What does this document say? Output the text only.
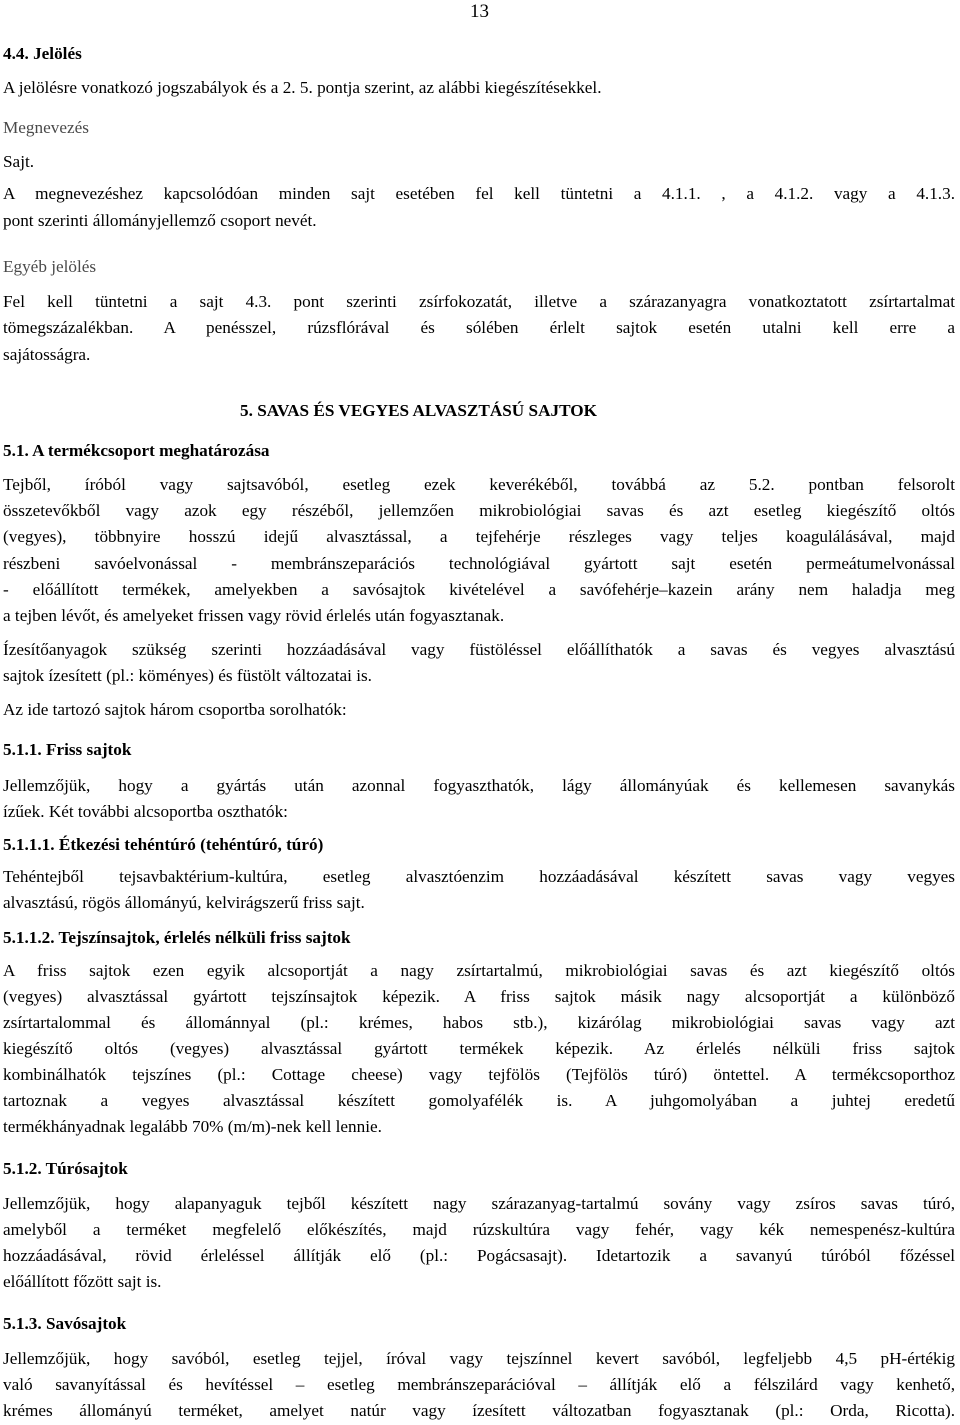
13
4.4. Jelölés
A jelölésre vonatkozó jogszabályok és a 2. 5. pontja szerint, az alábbi kiegészítésekkel.
Megnevezés
Sajt.
A megnevezéshez kapcsolódóan minden sajt esetében fel kell tüntetni a 4.1.1. , a 4.1.2. vagy a 4.1.3.
pont szerinti állományjellemző csoport nevét.
Egyéb jelölés
Fel kell tüntetni a sajt 4.3. pont szerinti zsírfokozatát, illetve a szárazanyagra vonatkoztatott zsírtartalmat
tömegszázalékban. A penésszel, rúzsflórával és sólében érlelt sajtok esetén utalni kell erre a
sajátosságra.
5. SAVAS ÉS VEGYES ALVASZTÁSÚ SAJTOK
5.1. A termékcsoport meghatározása
Tejből, íróból vagy sajtsavóból, esetleg ezek keverékéből, továbbá az 5.2. pontban felsorolt
összetevőkből vagy azok egy részéből, jellemzően mikrobiológiai savas és azt esetleg kiegészítő oltós
(vegyes), többnyire hosszú idejű alvasztással, a tejfehérje részleges vagy teljes koagulálásával, majd
részbeni savóelvonással - membránszeparációs technológiával gyártott sajt esetén permeátumelvonással
- előállított termékek, amelyekben a savósajtok kivételével a savófehérje–kazein arány nem haladja meg
a tejben lévőt, és amelyeket frissen vagy rövid érlelés után fogyasztanak.
Ízesítőanyagok szükség szerinti hozzáadásával vagy füstöléssel előállíthatók a savas és vegyes alvasztású
sajtok ízesített (pl.: köményes) és füstölt változatai is.
Az ide tartozó sajtok három csoportba sorolhatók:
5.1.1. Friss sajtok
Jellemzőjük, hogy a gyártás után azonnal fogyaszthatók, lágy állományúak és kellemesen savanykás
ízűek. Két további alcsoportba oszthatók:
5.1.1.1. Étkezési tehéntúró (tehéntúró, túró)
Tehéntejből tejsavbaktérium-kultúra, esetleg alvasztóenzim hozzáadásával készített savas vagy vegyes
alvasztású, rögös állományú, kelvirágszerű friss sajt.
5.1.1.2. Tejszínsajtok, érlelés nélküli friss sajtok
A friss sajtok ezen egyik alcsoportját a nagy zsírtartalmú, mikrobiológiai savas és azt kiegészítő oltós
(vegyes) alvasztással gyártott tejszínsajtok képezik. A friss sajtok másik nagy alcsoportját a különböző
zsírtartalommal és állománnyal (pl.: krémes, habos stb.), kizárólag mikrobiológiai savas vagy azt
kiegészítő oltós (vegyes) alvasztással gyártott termékek képezik. Az érlelés nélküli friss sajtok
kombinálhatók tejszínes (pl.: Cottage cheese) vagy tejfölös (Tejfölös túró) öntettel. A termékcsoporthoz
tartoznak a vegyes alvasztással készített gomolyafélék is. A juhgomolyában a juhtej eredetű
termékhányadnak legalább 70% (m/m)-nek kell lennie.
5.1.2. Túrósajtok
Jellemzőjük, hogy alapanyaguk tejből készített nagy szárazanyag-tartalmú sovány vagy zsíros savas túró,
amelyből a terméket megfelelő előkészítés, majd rúzskultúra vagy fehér, vagy kék nemespenész-kultúra
hozzáadásával, rövid érleléssel állítják elő (pl.: Pogácsasajt). Idetartozik a savanyú túróból főzéssel
előállított főzött sajt is.
5.1.3. Savósajtok
Jellemzőjük, hogy savóból, esetleg tejjel, íróval vagy tejszínnel kevert savóból, legfeljebb 4,5 pH-értékig
való savanyítással és hevítéssel – esetleg membránszeparációval – állítják elő a félszilárd vagy kenhető,
krémes állományú terméket, amelyet natúr vagy ízesített változatban fogyasztanak (pl.: Orda, Ricotta).
